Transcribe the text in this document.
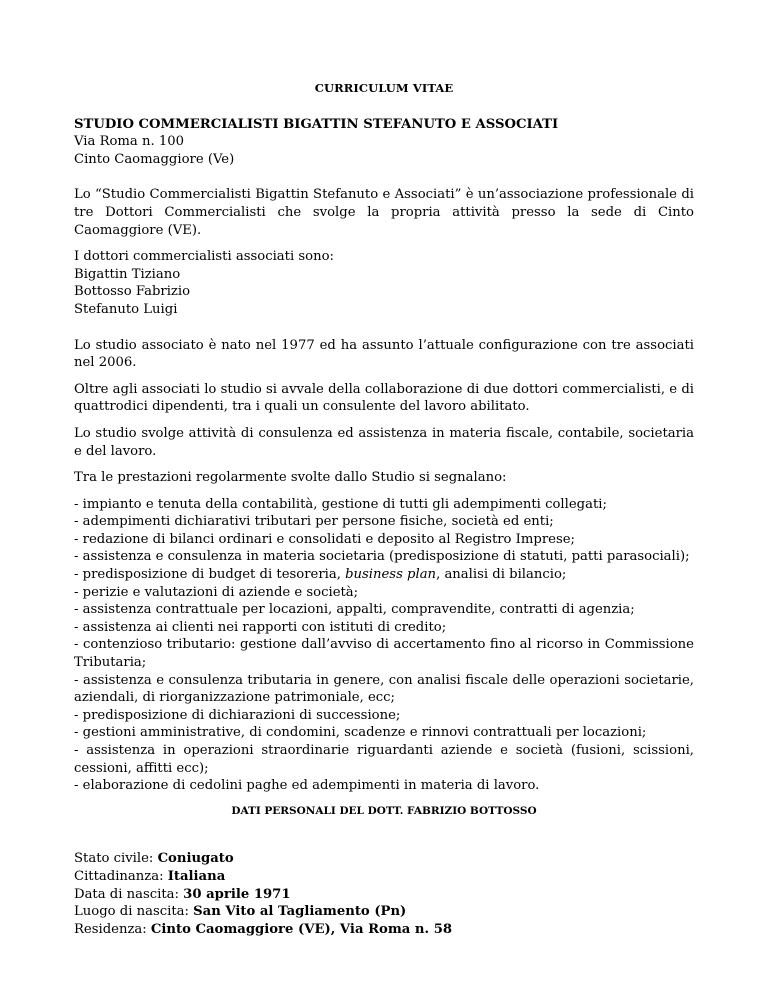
CURRICULUM VITAE
STUDIO COMMERCIALISTI BIGATTIN STEFANUTO E ASSOCIATI
Via Roma n. 100
Cinto Caomaggiore (Ve)

Lo “Studio Commercialisti Bigattin Stefanuto e Associati” è un’associazione professionale di tre Dottori Commercialisti che svolge la propria attività presso la sede di Cinto Caomaggiore (VE).

I dottori commercialisti associati sono:
Bigattin Tiziano
Bottosso Fabrizio
Stefanuto Luigi

Lo studio associato è nato nel 1977 ed ha assunto l’attuale configurazione con tre associati nel 2006.

Oltre agli associati lo studio si avvale della collaborazione di due dottori commercialisti, e di quattrodici dipendenti, tra i quali un consulente del lavoro abilitato.

Lo studio svolge attività di consulenza ed assistenza in materia fiscale, contabile, societaria e del lavoro.

Tra le prestazioni regolarmente svolte dallo Studio si segnalano:

- impianto e tenuta della contabilità, gestione di tutti gli adempimenti collegati;
- adempimenti dichiarativi tributari per persone fisiche, società ed enti;
- redazione di bilanci ordinari e consolidati e deposito al Registro Imprese;
- assistenza e consulenza in materia societaria (predisposizione di statuti, patti parasociali);
- predisposizione di budget di tesoreria, business plan, analisi di bilancio;
- perizie e valutazioni di aziende e società;
- assistenza contrattuale per locazioni, appalti, compravendite, contratti di agenzia;
- assistenza ai clienti nei rapporti con istituti di credito;
- contenzioso tributario: gestione dall’avviso di accertamento fino al ricorso in Commissione Tributaria;
- assistenza e consulenza tributaria in genere, con analisi fiscale delle operazioni societarie, aziendali, di riorganizzazione patrimoniale, ecc;
- predisposizione di dichiarazioni di successione;
- gestioni amministrative, di condomini, scadenze e rinnovi contrattuali per locazioni;
- assistenza in operazioni straordinarie riguardanti aziende e società (fusioni, scissioni, cessioni, affitti ecc);
- elaborazione di cedolini paghe ed adempimenti in materia di lavoro.
DATI PERSONALI DEL DOTT. FABRIZIO BOTTOSSO
Stato civile: Coniugato
Cittadinanza: Italiana
Data di nascita: 30 aprile 1971
Luogo di nascita: San Vito al Tagliamento (Pn)
Residenza: Cinto Caomaggiore (VE), Via Roma n. 58
